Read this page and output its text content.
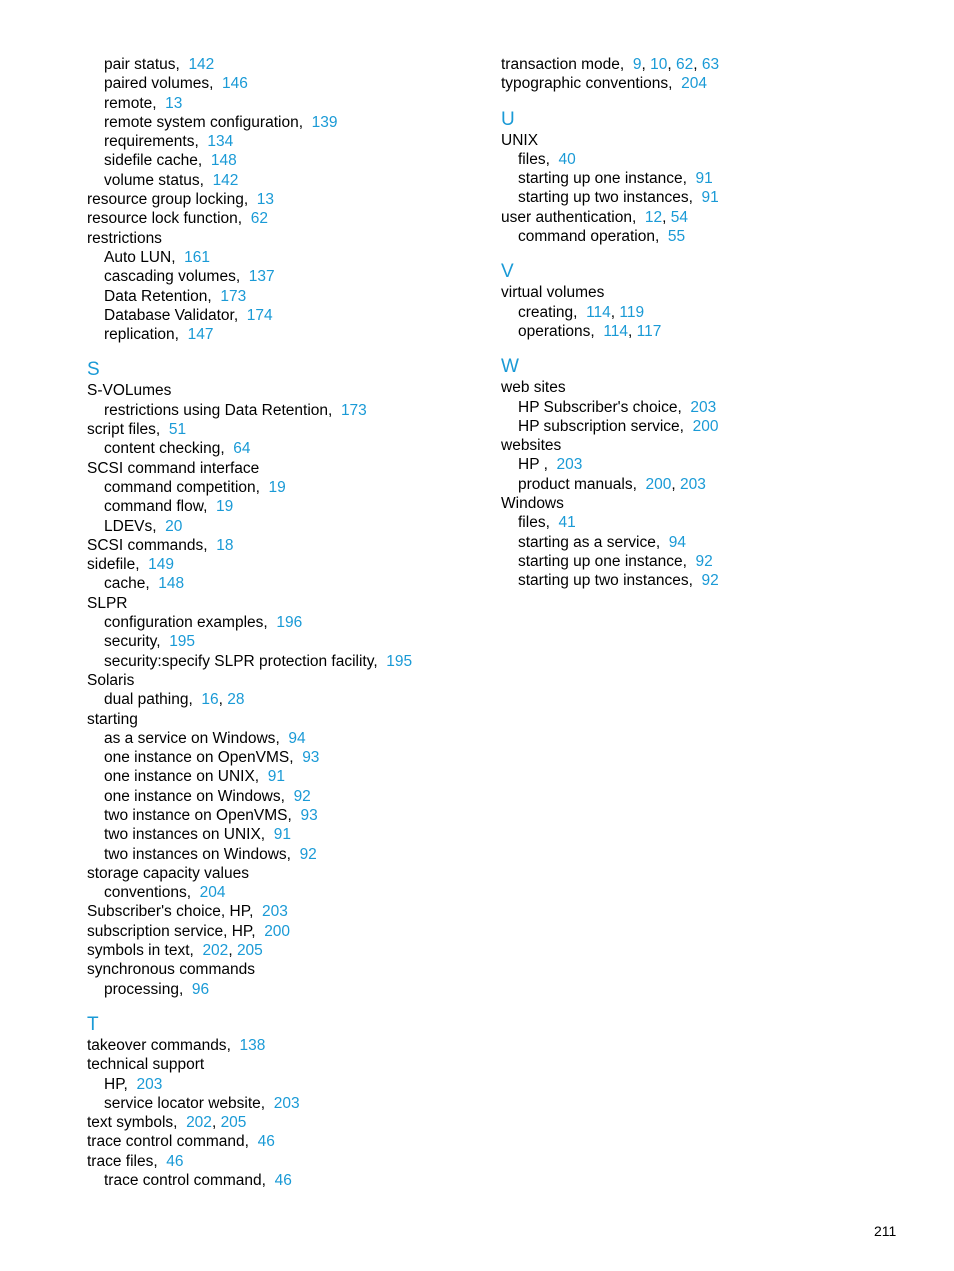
pair status,  142
paired volumes,  146
remote,  13
remote system configuration,  139
requirements,  134
sidefile cache,  148
volume status,  142
resource group locking,  13
resource lock function,  62
restrictions
Auto LUN,  161
cascading volumes,  137
Data Retention,  173
Database Validator,  174
replication,  147
S
S-VOLumes
restrictions using Data Retention,  173
script files,  51
content checking,  64
SCSI command interface
command competition,  19
command flow,  19
LDEVs,  20
SCSI commands,  18
sidefile,  149
cache,  148
SLPR
configuration examples,  196
security,  195
security:specify SLPR protection facility,  195
Solaris
dual pathing,  16, 28
starting
as a service on Windows,  94
one instance on OpenVMS,  93
one instance on UNIX,  91
one instance on Windows,  92
two instance on OpenVMS,  93
two instances on UNIX,  91
two instances on Windows,  92
storage capacity values
conventions,  204
Subscriber's choice, HP,  203
subscription service, HP,  200
symbols in text,  202, 205
synchronous commands
processing,  96
T
takeover commands,  138
technical support
HP,  203
service locator website,  203
text symbols,  202, 205
trace control command,  46
trace files,  46
trace control command,  46
transaction mode,  9, 10, 62, 63
typographic conventions,  204
U
UNIX
files,  40
starting up one instance,  91
starting up two instances,  91
user authentication,  12, 54
command operation,  55
V
virtual volumes
creating,  114, 119
operations,  114, 117
W
web sites
HP Subscriber's choice,  203
HP subscription service,  200
websites
HP ,  203
product manuals,  200, 203
Windows
files,  41
starting as a service,  94
starting up one instance,  92
starting up two instances,  92
211
